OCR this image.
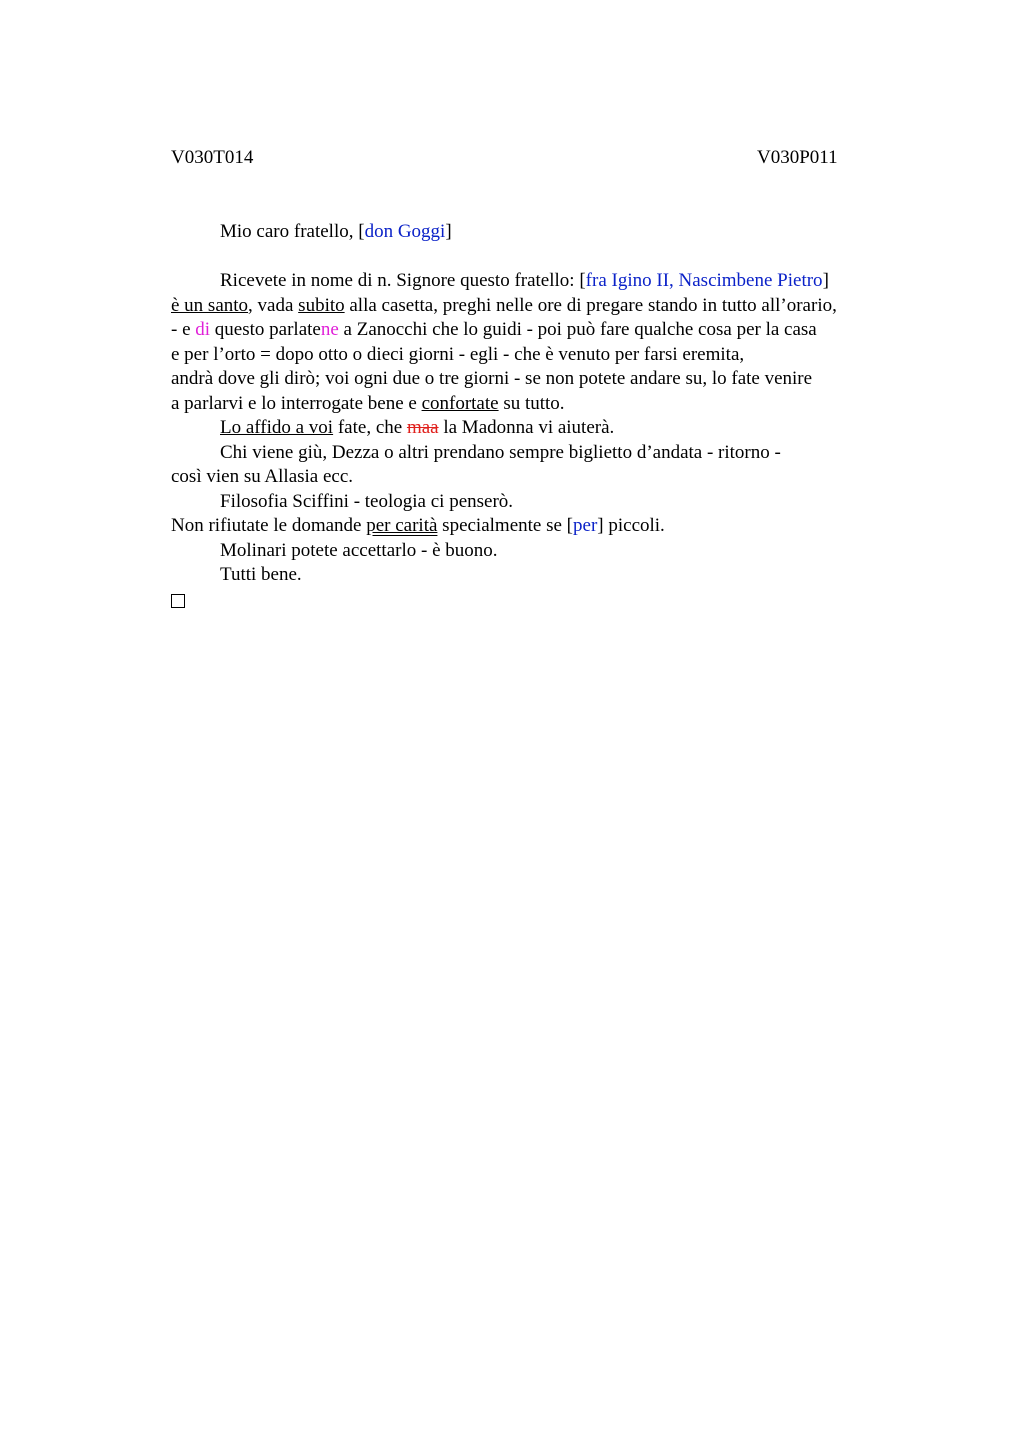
V030T014	V030P011
Mio caro fratello, [don Goggi]
Ricevete in nome di n. Signore questo fratello: [fra Igino II, Nascimbene Pietro]
è un santo, vada subito alla casetta, preghi nelle ore di pregare stando in tutto all’orario,
- e di questo parlatene a Zanocchi che lo guidi - poi può fare qualche cosa per la casa
e per l’orto = dopo otto o dieci giorni - egli - che è venuto per farsi eremita,
andrà dove gli dirò; voi ogni due o tre giorni - se non potete andare su, lo fate venire
a parlarvi e lo interrogate bene e confortate su tutto.
Lo affido a voi fate, che maa la Madonna vi aiuterà.
Chi viene giù, Dezza o altri prendano sempre biglietto d’andata - ritorno -
così vien su Allasia ecc.
Filosofia Sciffini - teologia ci penserò.
Non rifiutate le domande per carità specialmente se [per] piccoli.
Molinari potete accettarlo - è buono.
Tutti bene.
